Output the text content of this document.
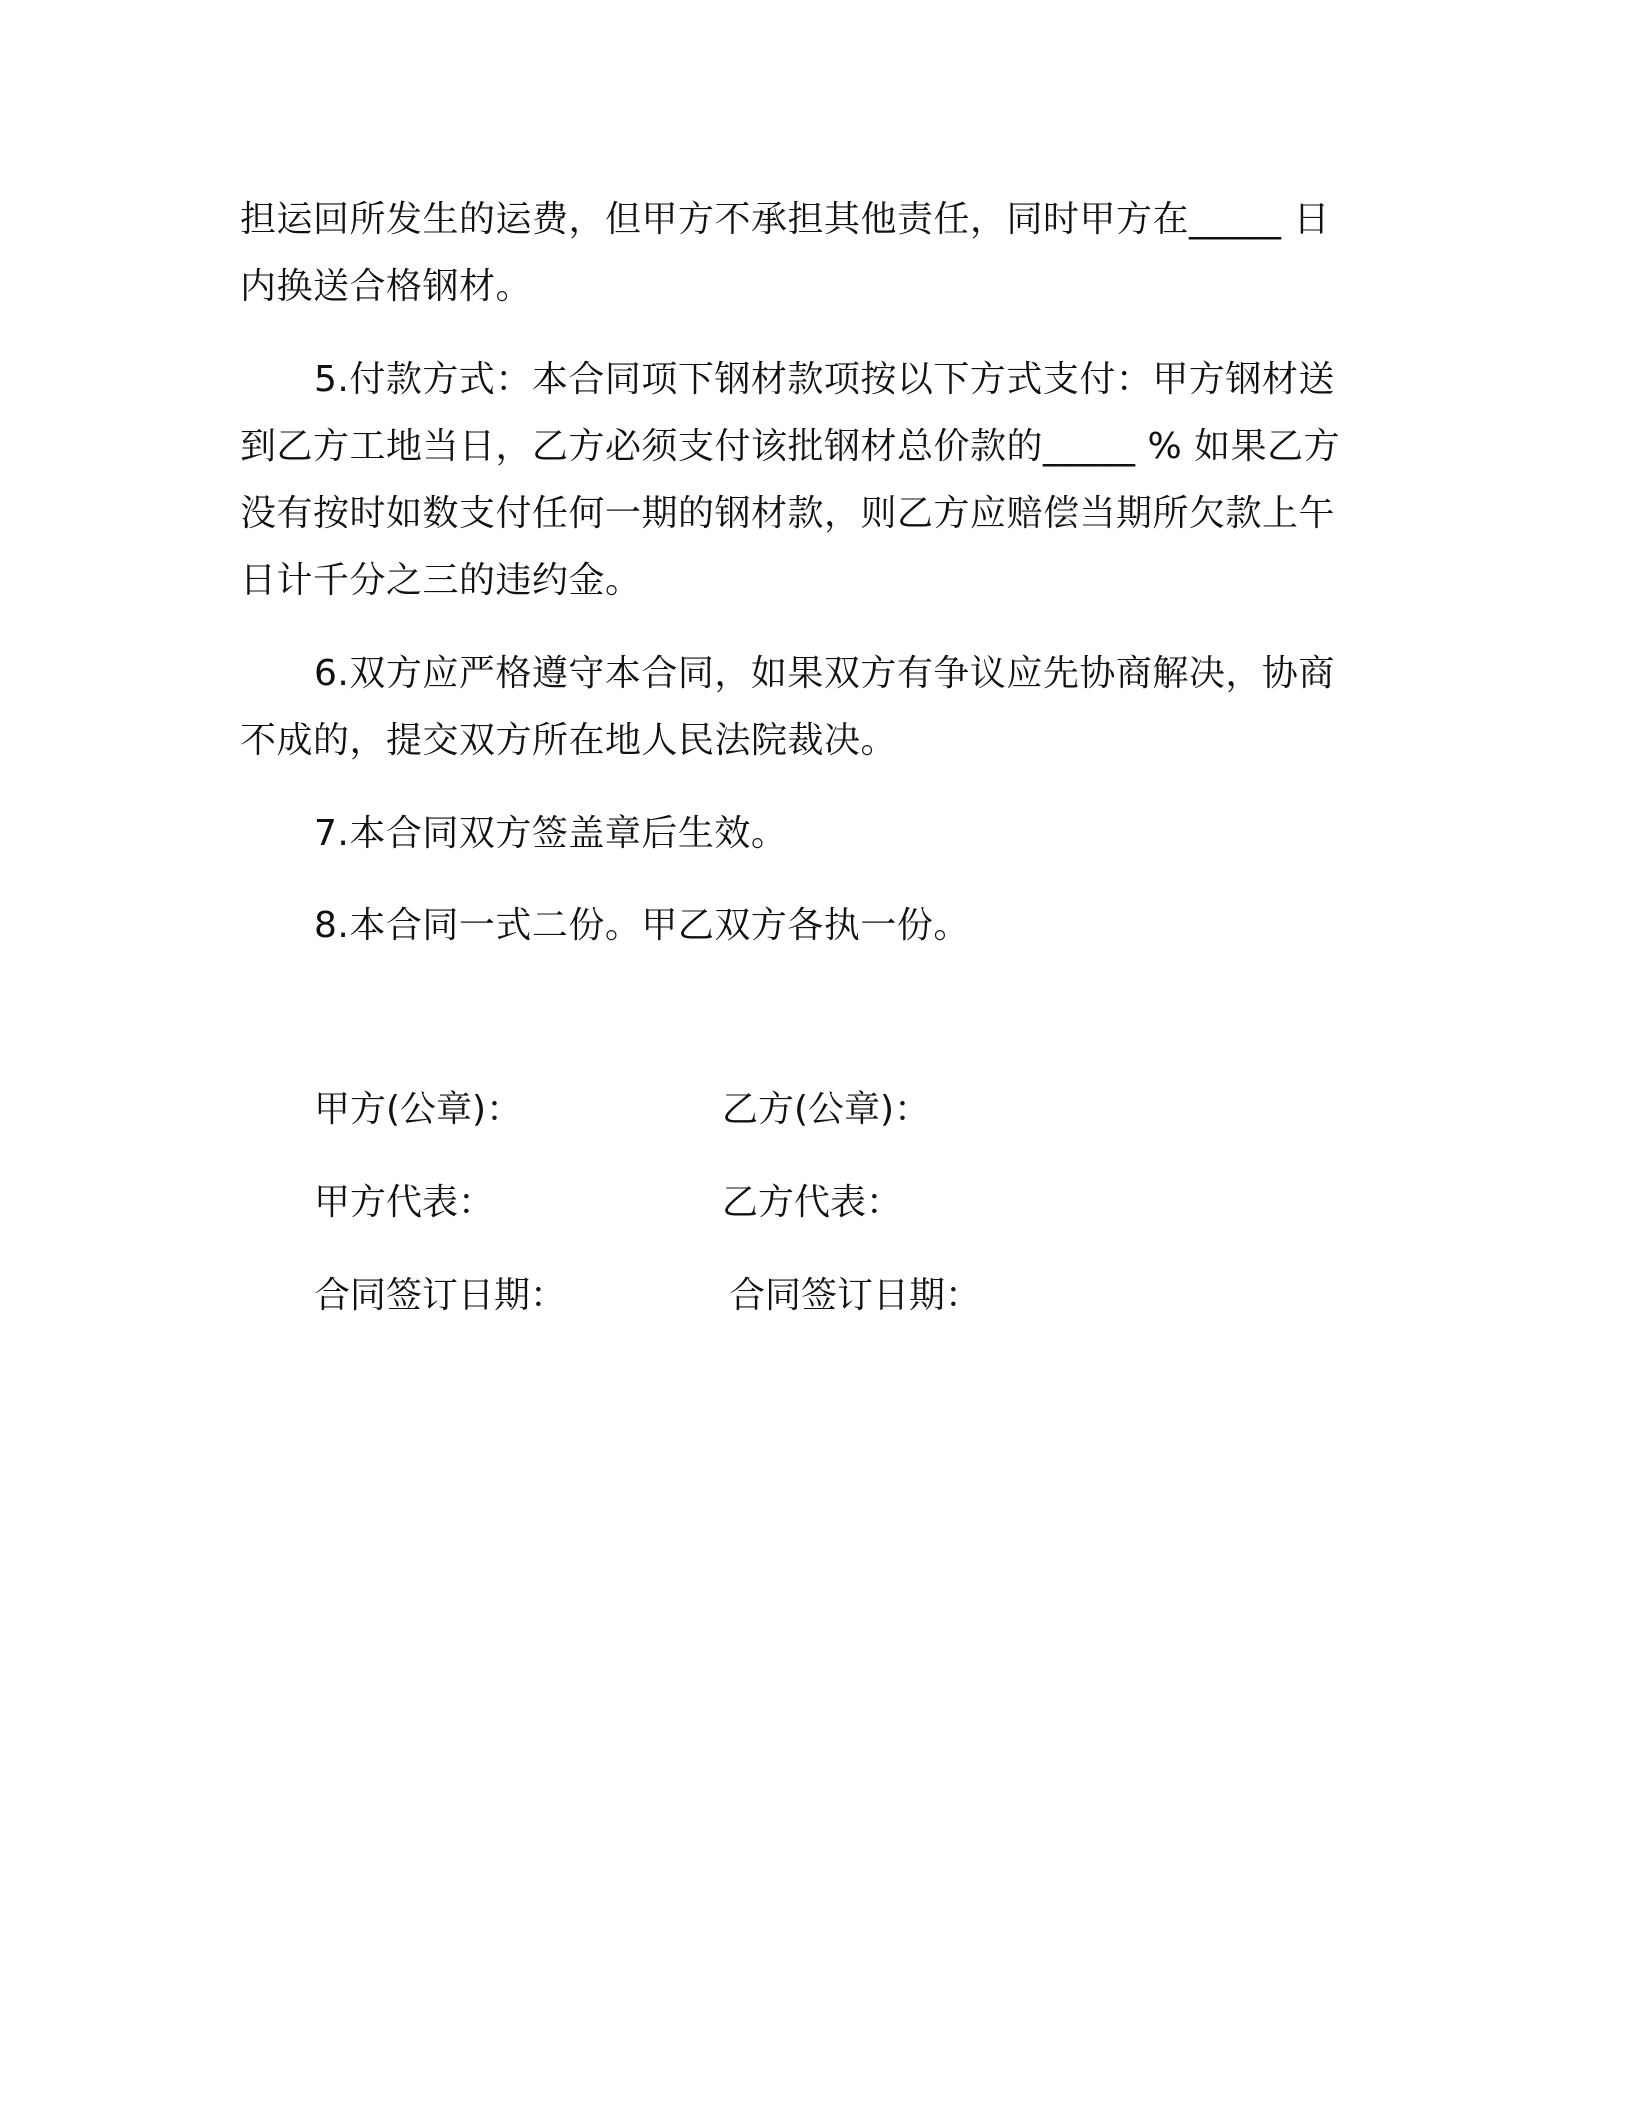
担运回所发生的运费，但甲方不承担其他责任，同时甲方在_____ 日内换送合格钢材。

5.付款方式：本合同项下钢材款项按以下方式支付：甲方钢材送到乙方工地当日，乙方必须支付该批钢材总价款的_____ % 如果乙方没有按时如数支付任何一期的钢材款，则乙方应赔偿当期所欠款上午日计千分之三的违约金。

6.双方应严格遵守本合同，如果双方有争议应先协商解决，协商不成的，提交双方所在地人民法院裁决。

7.本合同双方签盖章后生效。

8.本合同一式二份。甲乙双方各执一份。

甲方(公章)：	乙方(公章)：
甲方代表：	乙方代表：
合同签订日期：	合同签订日期：
